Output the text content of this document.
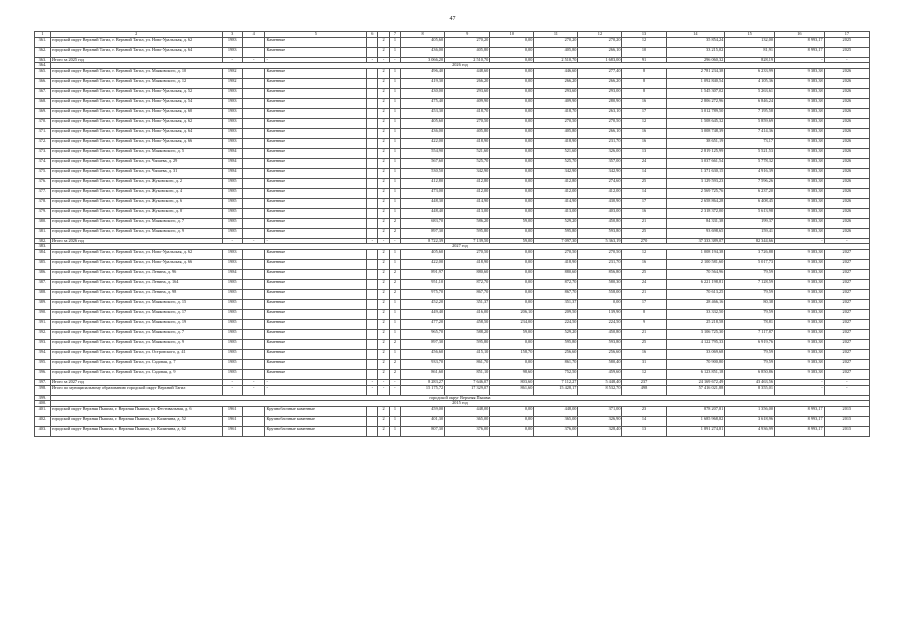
47
1	2	3	4	5	6		7	8	9	10	11	12	13	14	15	16	17
361.	городской округ Верхний Тагил, г. Верхний Тагил, ул. Ново-Уральская, д. 62	1983		Каменные		2	1	405,60	270,20	0,00	270,20	270,20	12	35 854,24	132,00	8 993,17	2025
362.	городской округ Верхний Тагил, г. Верхний Тагил, ул. Ново-Уральская, д. 64	1983		Каменные		2	1	436,00	405,80	0,00	405,80	266,10	10	33 215,02	81,91	8 993,17	2025
363.	Итого за 2025 год	-	-	-	-	-	-	3 066,20	2 510,70	0,00	2 510,70	1 683,00	91	296 060,32	828,19	-	-
364.	2026 год																
365.	городской округ Верхний Тагил, г. Верхний Тагил, ул. Маяковского, д. 10	1982		Каменные		2	1	496,40	448,60	0,00	446,60	277,40	8	2 781 234,38	6 233,99	9 383,38	2026
366.	городской округ Верхний Тагил, г. Верхний Тагил, ул. Маяковского, д. 12	1982		Каменные		2	1	419,30	266,20	0,00	266,20	266,20	8	1 092 840,54	4 105,36	9 383,38	2026
367.	городской округ Верхний Тагил, г. Верхний Тагил, ул. Ново-Уральская, д. 52	1983		Каменные		2	1	430,00	293,60	0,00	293,60	293,00	8	1 545 307,02	5 263,61	9 383,38	2026
368.	городской округ Верхний Тагил, г. Верхний Тагил, ул. Ново-Уральская, д. 54	1983		Каменные		2	1	475,40	409,90	0,00	409,90	280,90	16	2 806 272,96	6 846,24	9 383,38	2026
369.	городской округ Верхний Тагил, г. Верхний Тагил, ул. Ново-Уральская, д. 60	1983		Каменные		2	1	453,30	418,70	0,00	418,70	263,10	17	3 012 789,50	7 195,58	9 383,38	2026
370.	городской округ Верхний Тагил, г. Верхний Тагил, ул. Ново-Уральская, д. 62	1983		Каменные		2	1	405,60	270,50	0,00	270,50	270,50	12	1 508 645,32	5 859,69	9 383,38	2026
371.	городской округ Верхний Тагил, г. Верхний Тагил, ул. Ново-Уральская, д. 64	1983		Каменные		2	1	436,00	405,80	0,00	405,80	266,10	16	3 008 748,39	7 414,36	9 383,38	2026
372.	городской округ Верхний Тагил, г. Верхний Тагил, ул. Ново-Уральская, д. 66	1983		Каменные		2	1	422,00	418,90	0,00	418,90	231,70	16	38 651,19	73,17	9 383,38	2026
373.	городской округ Верхний Тагил, г. Верхний Тагил, ул. Маяковского, д. 5	1984		Каменные		2	1	554,90	521,60	0,00	521,60	326,00	13	2 819 125,99	5 521,53	9 383,38	2026
374.	городской округ Верхний Тагил, г. Верхний Тагил, ул. Чапаева, д. 29	1984		Каменные		2	1	567,60	525,70	0,00	525,70	357,00	24	3 037 661,54	5 778,32	9 383,38	2026
375.	городской округ Верхний Тагил, г. Верхний Тагил, ул. Чапаева, д. 31	1984		Каменные		2	1	530,50	342,90	0,00	342,90	342,90	14	1 371 630,15	4 916,39	9 383,38	2026
376.	городской округ Верхний Тагил, г. Верхний Тагил, ул. Жуковского, д. 2	1985		Каменные		2	1	412,80	412,80	0,00	412,80	274,60	25	3 129 593,23	7 596,26	9 383,38	2026
377.	городской округ Верхний Тагил, г. Верхний Тагил, ул. Жуковского, д. 4	1985		Каменные		2	1	473,00	412,00	0,00	412,00	412,00	14	2 569 725,76	6 237,20	9 383,38	2026
378.	городской округ Верхний Тагил, г. Верхний Тагил, ул. Жуковского, д. 6	1985		Каменные		2	1	448,30	414,90	0,00	414,90	430,90	17	2 658 864,28	6 408,45	9 383,38	2026
379.	городской округ Верхний Тагил, г. Верхний Тагил, ул. Жуковского, д. 8	1985		Каменные		2	1	448,40	413,00	0,00	413,00	403,00	16	2 318 372,00	5 613,98	9 383,38	2026
380.	городской округ Верхний Тагил, г. Верхний Тагил, ул. Маяковского, д. 7	1985		Каменные		2	2	683,70	586,20	59,00	529,20	450,80	21	84 331,38	199,37	9 383,38	2026
381.	городской округ Верхний Тагил, г. Верхний Тагил, ул. Маяковского, д. 9	1985		Каменные		2	2	897,30	595,80	0,00	595,80	593,80	25	93 698,65	159,41	9 383,38	2026
382.	Итого за 2026 год	-	-	-	-	-	-	8 722,39	7 139,50	59,00	7 097,30	5 363,19	270	37 333 389,07	82 344,66	-	-
383.	2027 год																
384.	городской округ Верхний Тагил, г. Верхний Тагил, ул. Ново-Уральская, д. 62	1983		Каменные		2	1	405,60	270,50	0,00	270,50	270,50	12	1 008 194,38	3 726,88	9 383,38	2027
385.	городской округ Верхний Тагил, г. Верхний Тагил, ул. Ново-Уральская, д. 66	1983		Каменные		2	1	422,00	418,90	0,00	418,90	231,70	16	2 100 581,60	5 017,73	9 383,38	2027
386.	городской округ Верхний Тагил, г. Верхний Тагил, ул. Ленина, д. 96	1984		Каменные		2	2	891,97	880,60	0,00	880,60	856,80	25	70 564,96	79,59	9 383,38	2027
387.	городской округ Верхний Тагил, г. Верхний Тагил, ул. Ленина, д. 164	1985		Каменные		2	2	951,10	872,70	0,00	872,70	580,30	24	6 221 198,81	7 128,59	9 383,38	2027
388.	городской округ Верхний Тагил, г. Верхний Тагил, ул. Ленина, д. 98	1985		Каменные		2	2	975,70	867,70	0,00	867,70	558,00	21	70 613,25	79,59	9 383,38	2027
389.	городской округ Верхний Тагил, г. Верхний Тагил, ул. Маяковского, д. 15	1985		Каменные		2	1	452,20	351,37	0,00	351,37	0,00	17	28 466,16	80,38	9 383,38	2027
390.	городской округ Верхний Тагил, г. Верхний Тагил, ул. Маяковского, д. 17	1985		Каменные		2	1	449,40	416,00	206,10	209,50	139,90	8	33 332,50	79,59	9 383,38	2027
391.	городской округ Верхний Тагил, г. Верхний Тагил, ул. Маяковского, д. 19	1985		Каменные		2	1	477,20	458,50	234,00	224,50	224,50	9	25 218,58	78,81	9 383,38	2027
392.	городской округ Верхний Тагил, г. Верхний Тагил, ул. Маяковского, д. 7	1985		Каменные		2	1	965,70	588,20	59,00	529,20	450,80	21	3 106 725,30	7 117,87	9 383,38	2027
393.	городской округ Верхний Тагил, г. Верхний Тагил, ул. Маяковского, д. 9	1985		Каменные		2	2	897,30	595,80	0,00	595,80	593,80	25	4 122 795,33	6 919,76	9 383,38	2027
394.	городской округ Верхний Тагил, г. Верхний Тагил, ул. Островского, д. 41	1985		Каменные		2	1	456,60	415,10	158,70	256,60	256,60	16	33 069,68	79,59	9 383,38	2027
395.	городской округ Верхний Тагил, г. Верхний Тагил, ул. Садовая, д. 7	1985		Каменные		2	2	933,70	861,70	0,00	861,70	580,40	31	70 900,80	79,59	9 383,38	2027
396.	городской округ Верхний Тагил, г. Верхний Тагил, ул. Садовая, д. 9	1985		Каменные		2	2	861,60	851,10	98,60	752,50	459,60	12	6 123 851,18	6 850,86	9 383,38	2027
397.	Итого за 2027 год	-	-	-	-	-	-	8 283,27	7 646,07	803,60	7 112,27	5 448,40	237	24 169 672,49	43 463,56	-	-
398.	Итого по муниципальному образованию городской округ Верхний Тагил	-	-	-	-	-	-	15 175,72	17 329,07	861,60	15 428,17	8 532,70	498	57 416 021,88	8 355,01	-	-
399.	городской округ Верхняя Пышма																
400.	2015 год																
401.	городской округ Верхняя Пышма, г. Верхняя Пышма, ул. Фестивальная, д. 6	1961		Крупноблочные каменные		2	1	459,00	448,00	0,00	448,00	371,00	23	878 207,81	1 356,00	8 993,17	2015
402.	городской округ Верхняя Пышма, г. Верхняя Пышма, ул. Калинина, д. 52	1961		Крупноблочные каменные		2	1	401,30	365,00	0,00	365,00	326,90	14	1 685 968,82	3 618,96	8 993,17	2015
403.	городской округ Верхняя Пышма, г. Верхняя Пышма, ул. Калинина, д. 62	1961		Крупноблочные каменные		2	1	807,30	376,00	0,00	376,00	328,40	13	1 891 274,81	4 936,99	8 993,17	2015
